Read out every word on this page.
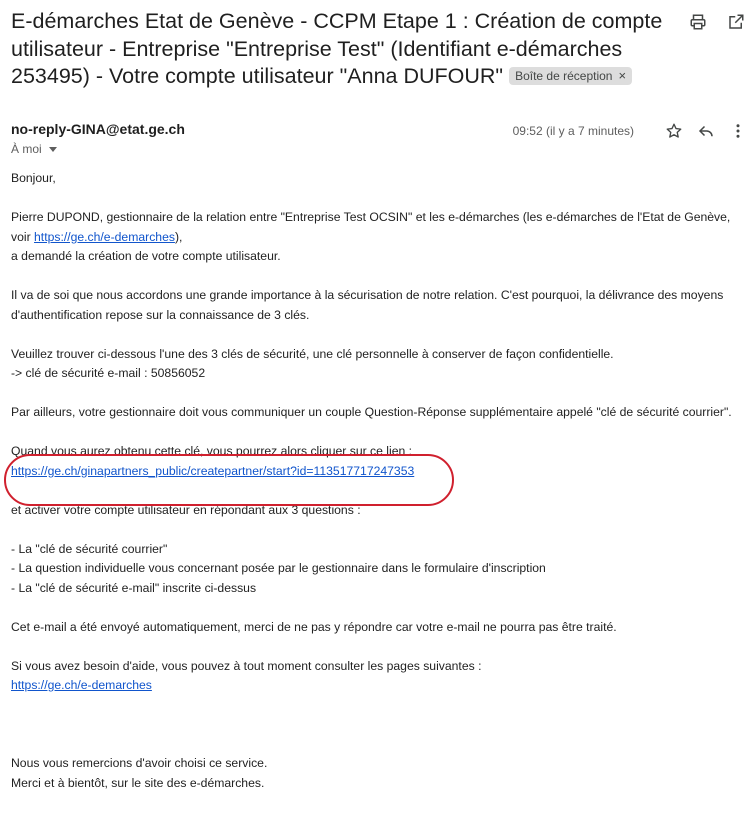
E-démarches Etat de Genève - CCPM Etape 1 : Création de compte utilisateur - Entreprise "Entreprise Test" (Identifiant e-démarches 253495) - Votre compte utilisateur "Anna DUFOUR" Boîte de réception ×
no-reply-GINA@etat.ge.ch
À moi
09:52 (il y a 7 minutes)

Bonjour,

Pierre DUPOND, gestionnaire de la relation entre "Entreprise Test OCSIN" et les e-démarches (les e-démarches de l'Etat de Genève, voir https://ge.ch/e-demarches),
a demandé la création de votre compte utilisateur.

Il va de soi que nous accordons une grande importance à la sécurisation de notre relation. C'est pourquoi, la délivrance des moyens d'authentification repose sur la connaissance de 3 clés.

Veuillez trouver ci-dessous l'une des 3 clés de sécurité, une clé personnelle à conserver de façon confidentielle.
-> clé de sécurité e-mail : 50856052

Par ailleurs, votre gestionnaire doit vous communiquer un couple Question-Réponse supplémentaire appelé "clé de sécurité courrier".

Quand vous aurez obtenu cette clé, vous pourrez alors cliquer sur ce lien :
https://ge.ch/ginapartners_public/createpartner/start?id=113517717247353

et activer votre compte utilisateur en répondant aux 3 questions :

- La "clé de sécurité courrier"
- La question individuelle vous concernant posée par le gestionnaire dans le formulaire d'inscription
- La "clé de sécurité e-mail" inscrite ci-dessus

Cet e-mail a été envoyé automatiquement, merci de ne pas y répondre car votre e-mail ne pourra pas être traité.

Si vous avez besoin d'aide, vous pouvez à tout moment consulter les pages suivantes :
https://ge.ch/e-demarches

Nous vous remercions d'avoir choisi ce service.
Merci et à bientôt, sur le site des e-démarches.
